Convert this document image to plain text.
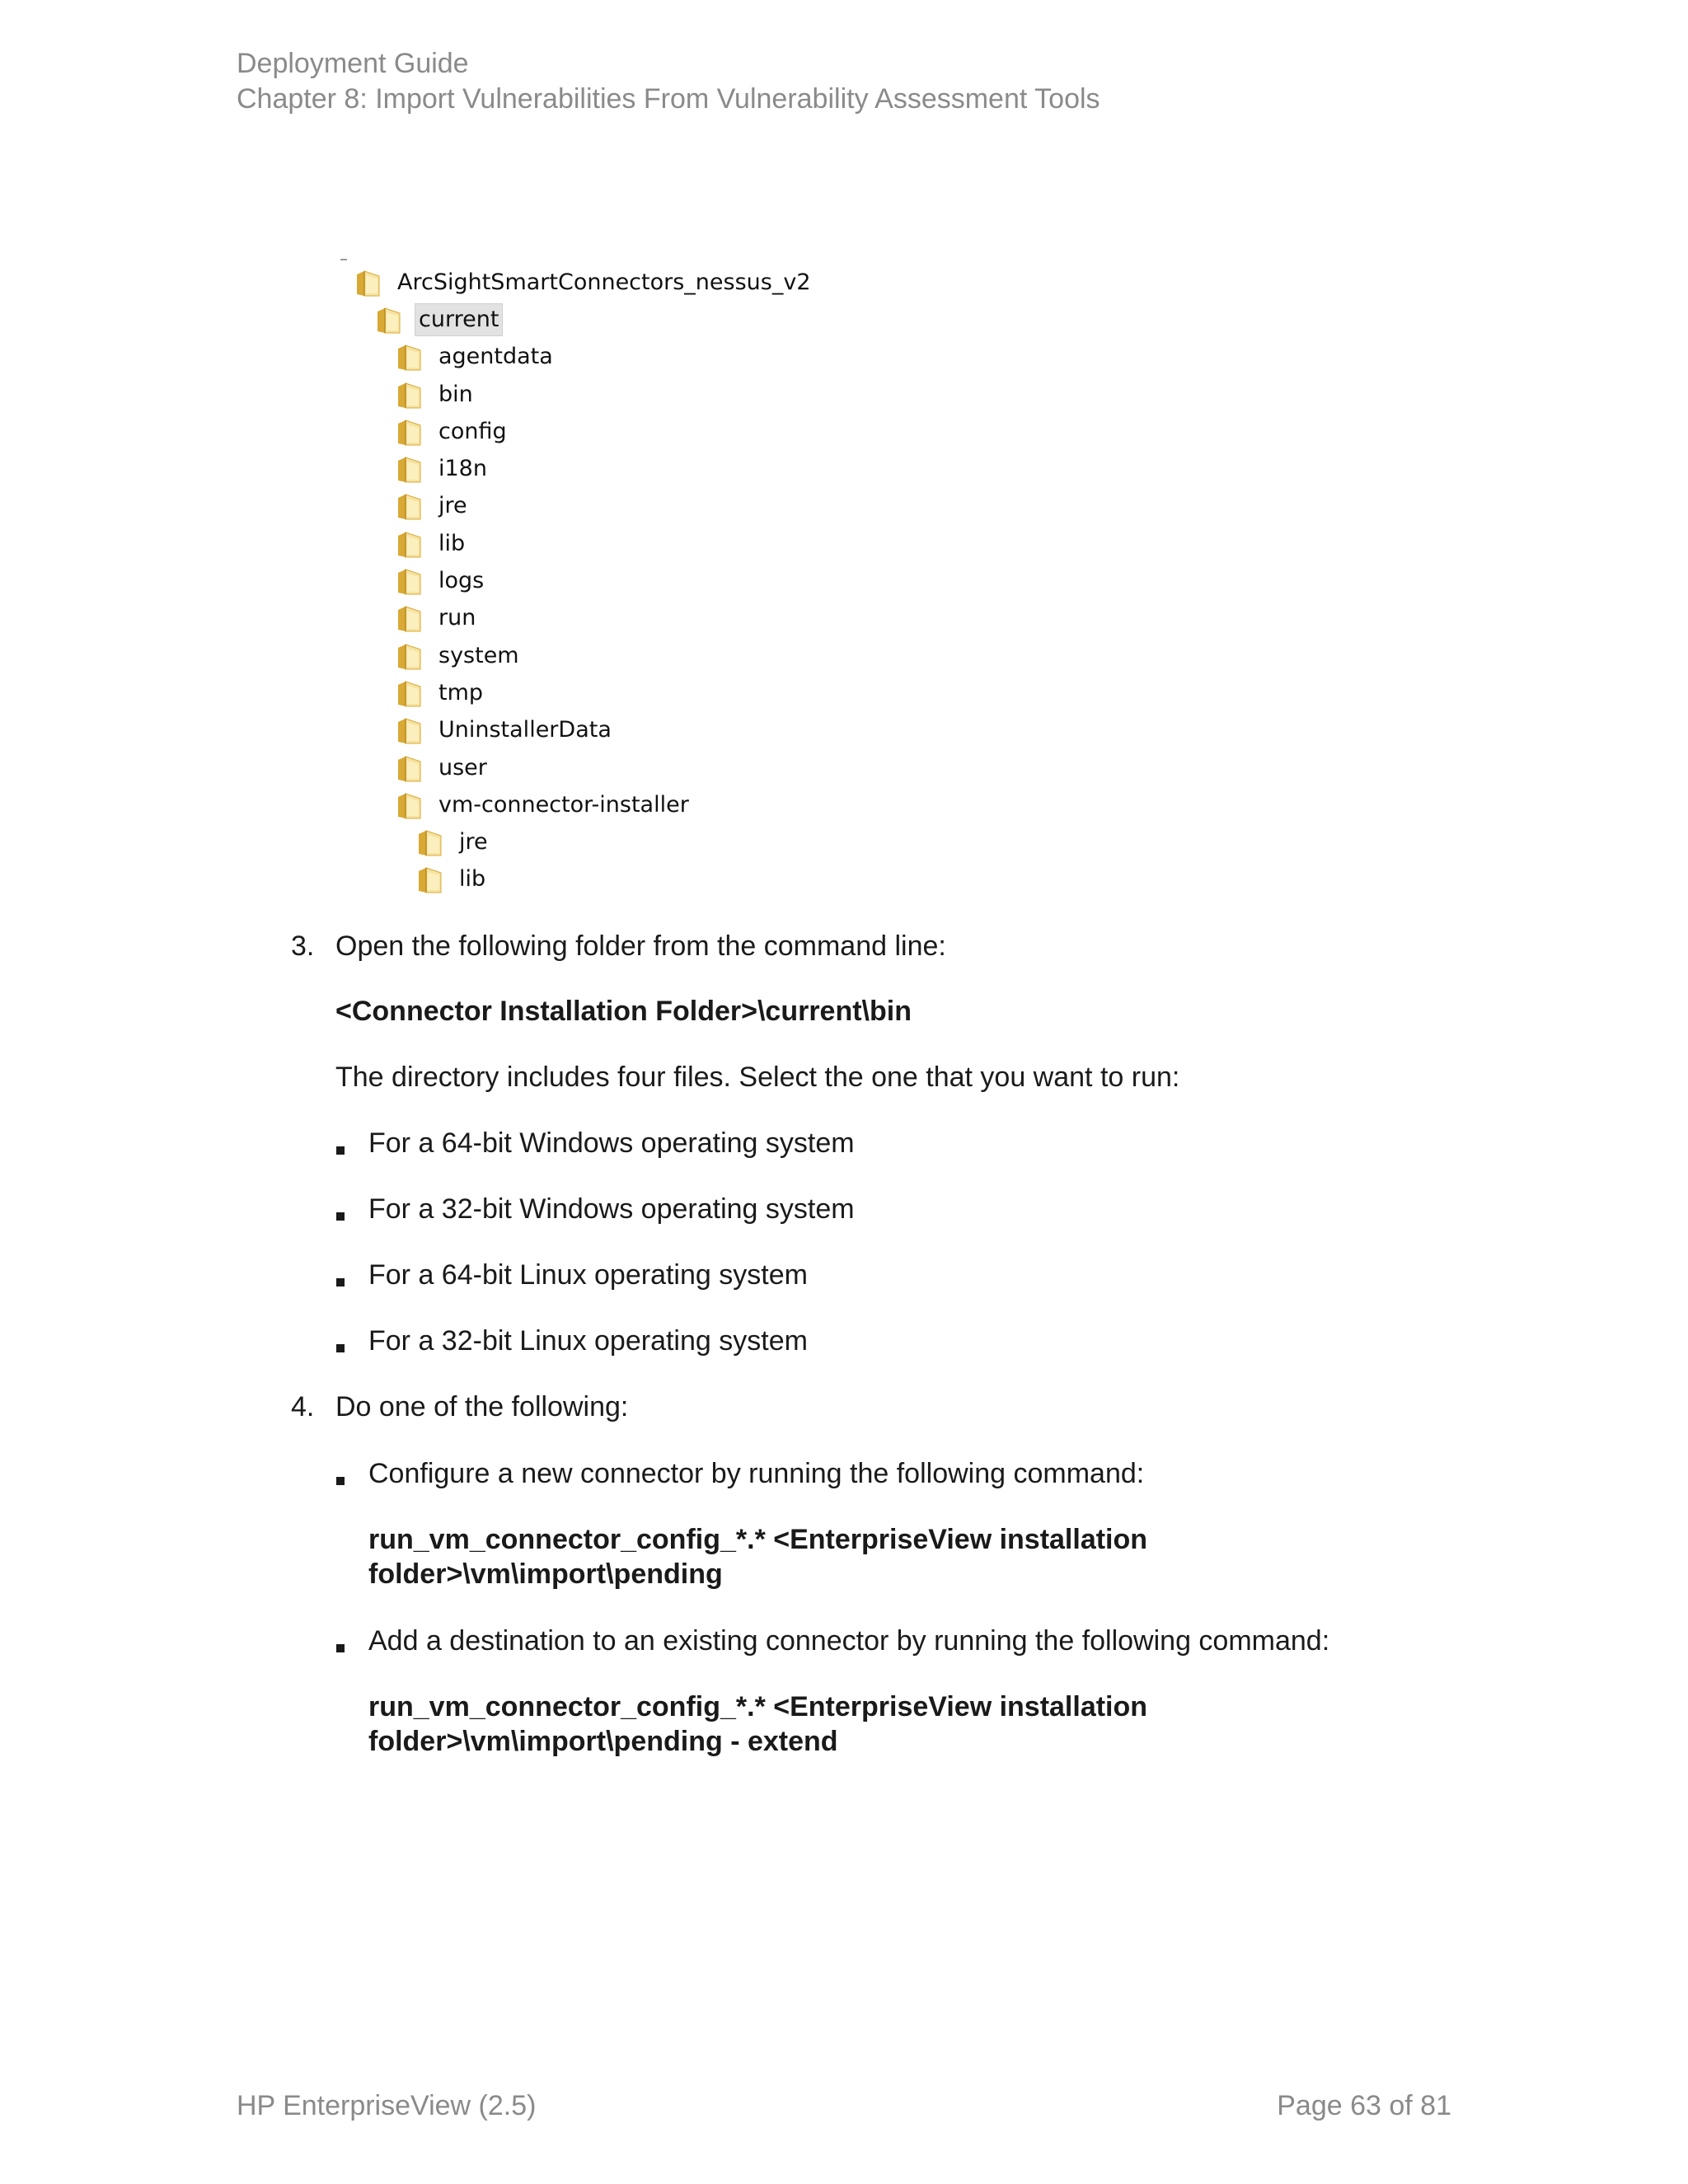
Deployment Guide
Chapter 8: Import Vulnerabilities From Vulnerability Assessment Tools
ArcSightSmartConnectors_nessus_v2
current
agentdata
bin
config
i18n
jre
lib
logs
run
system
tmp
UninstallerData
user
vm-connector-installer
jre
lib
3. Open the following folder from the command line:
<Connector Installation Folder>\current\bin
The directory includes four files. Select the one that you want to run:
For a 64-bit Windows operating system
For a 32-bit Windows operating system
For a 64-bit Linux operating system
For a 32-bit Linux operating system
4. Do one of the following:
Configure a new connector by running the following command:
run_vm_connector_config_*.* <EnterpriseView installation
folder>\vm\import\pending
Add a destination to an existing connector by running the following command:
run_vm_connector_config_*.* <EnterpriseView installation
folder>\vm\import\pending - extend
HP EnterpriseView (2.5)	Page 63 of 81
